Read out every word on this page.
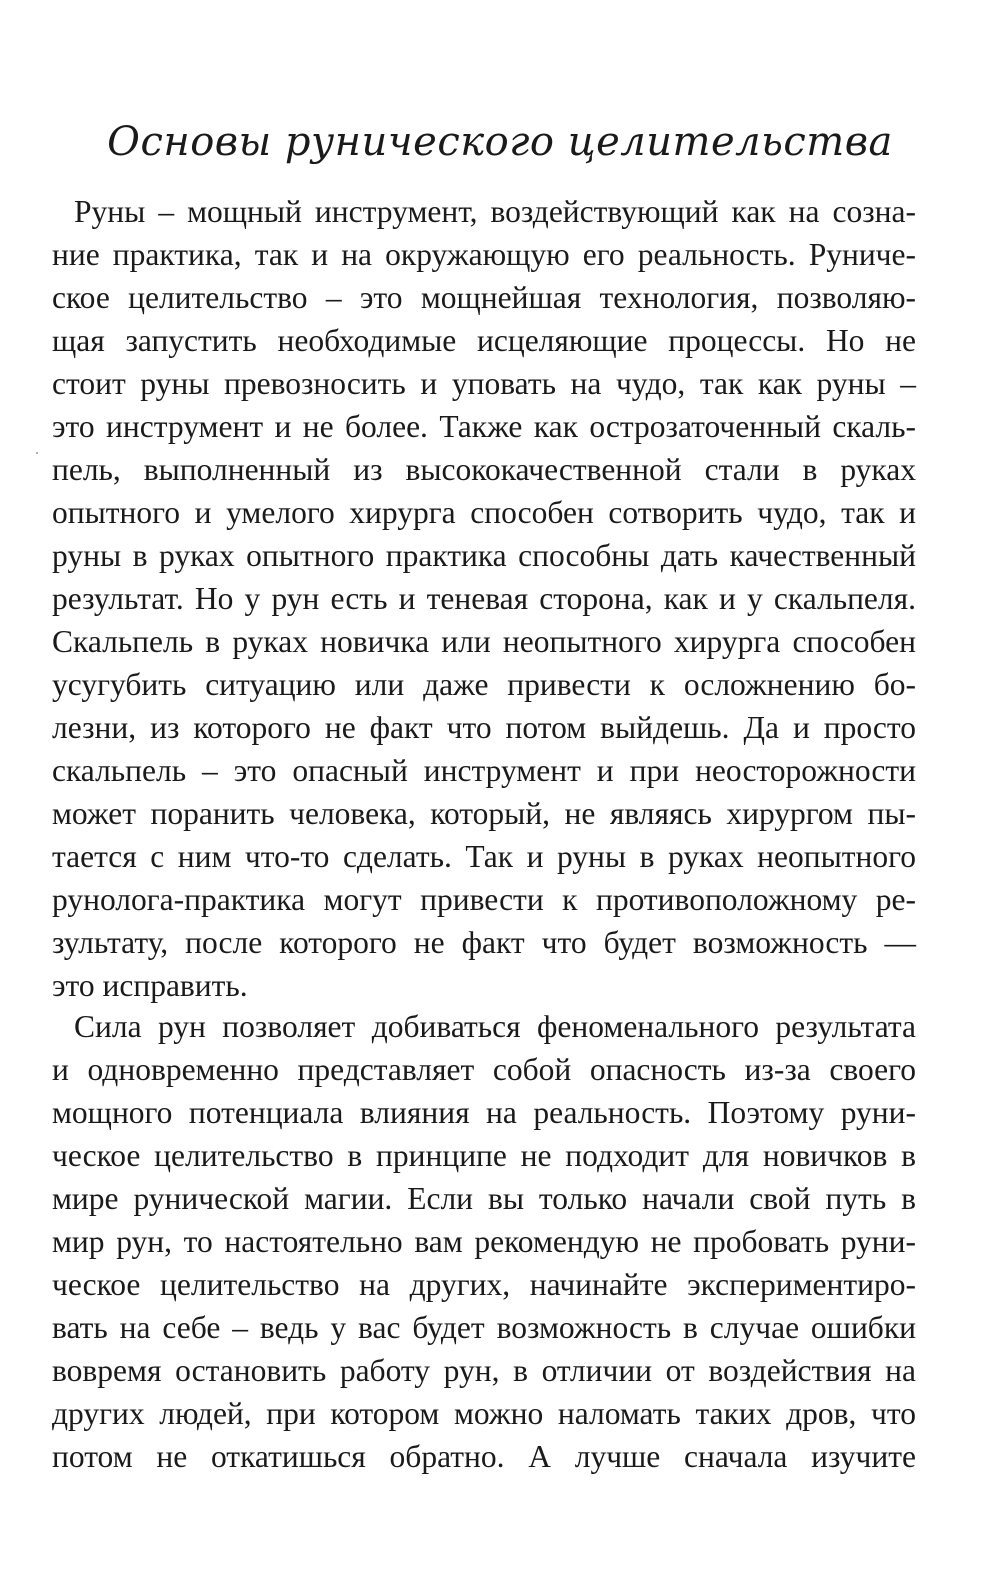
Основы рунического целительства
Руны – мощный инструмент, воздействующий как на созна-
ние практика, так и на окружающую его реальность. Руниче-
ское целительство – это мощнейшая технология, позволяю-
щая запустить необходимые исцеляющие процессы. Но не
стоит руны превозносить и уповать на чудо, так как руны –
это инструмент и не более. Также как острозаточенный скаль-
пель, выполненный из высококачественной стали в руках
опытного и умелого хирурга способен сотворить чудо, так и
руны в руках опытного практика способны дать качественный
результат. Но у рун есть и теневая сторона, как и у скальпеля.
Скальпель в руках новичка или неопытного хирурга способен
усугубить ситуацию или даже привести к осложнению бо-
лезни, из которого не факт что потом выйдешь. Да и просто
скальпель – это опасный инструмент и при неосторожности
может поранить человека, который, не являясь хирургом пы-
тается с ним что-то сделать. Так и руны в руках неопытного
рунолога-практика могут привести к противоположному ре-
зультату, после которого не факт что будет возможность —
это исправить.
Сила рун позволяет добиваться феноменального результата
и одновременно представляет собой опасность из-за своего
мощного потенциала влияния на реальность. Поэтому руни-
ческое целительство в принципе не подходит для новичков в
мире рунической магии. Если вы только начали свой путь в
мир рун, то настоятельно вам рекомендую не пробовать руни-
ческое целительство на других, начинайте экспериментиро-
вать на себе – ведь у вас будет возможность в случае ошибки
вовремя остановить работу рун, в отличии от воздействия на
других людей, при котором можно наломать таких дров, что
потом не откатишься обратно. А лучше сначала изучите
